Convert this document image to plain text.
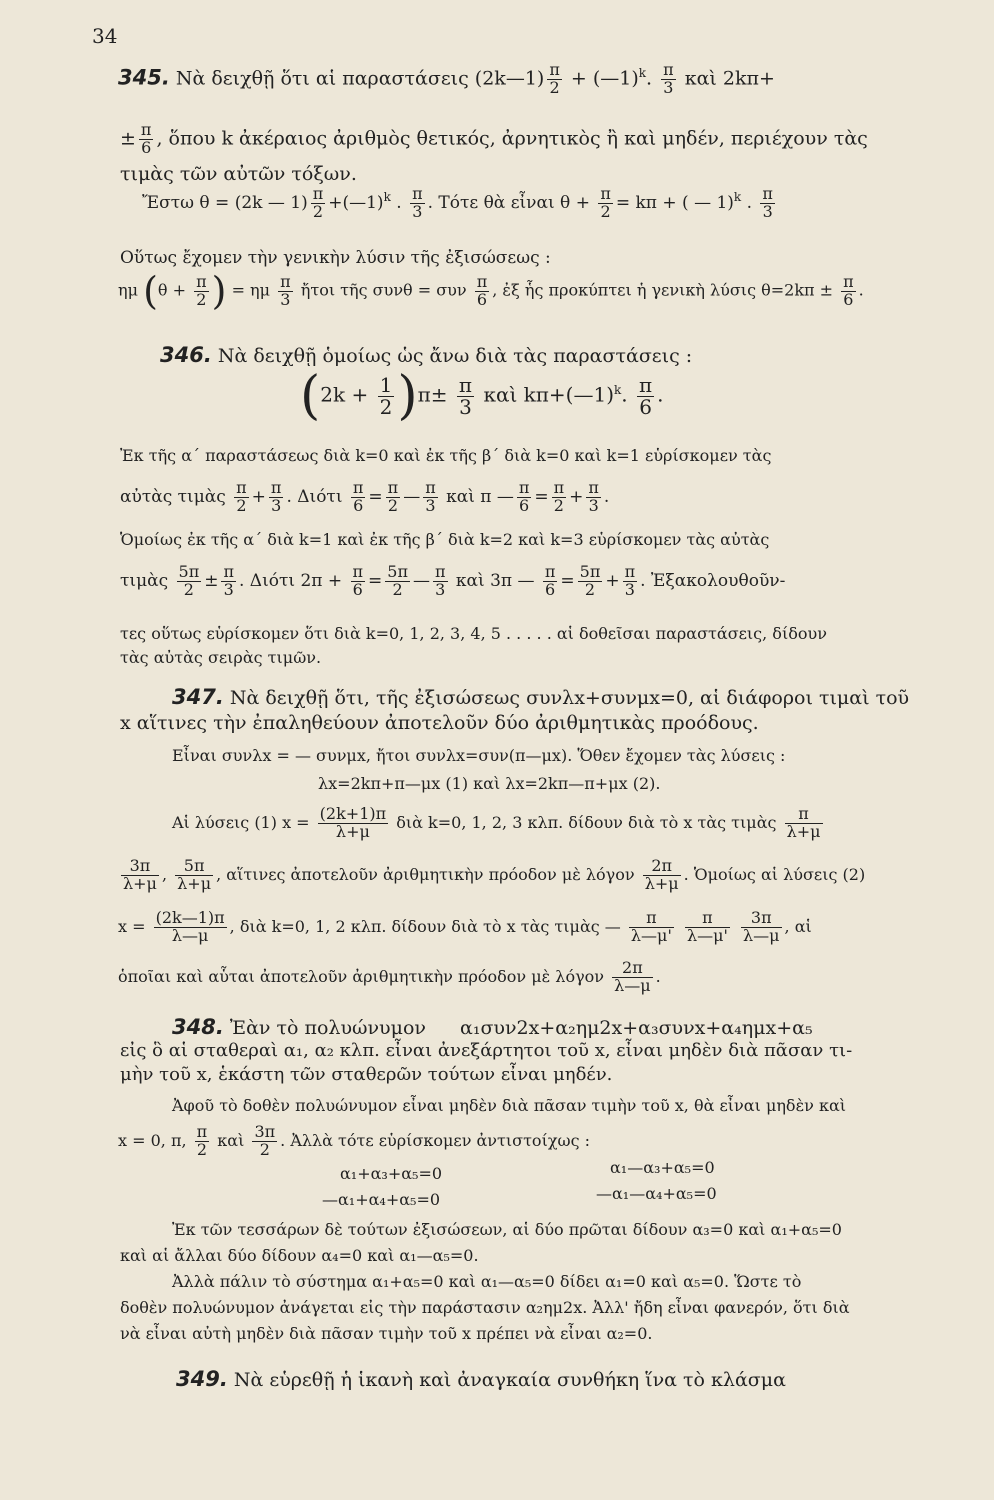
34
345. Νὰ δειχθῇ ὅτι αἱ παραστάσεις (2k—1) $\frac{\pi}{2}$ + (—1)$^k$. $\frac{\pi}{3}$ καὶ 2kπ+
± $\frac{\pi}{6}$ , ὅπου k ἀκέραιος ἀριθμὸς θετικός, ἀρνητικὸς ἢ καὶ μηδέν, περιέχουν τὰς
τιμὰς τῶν αὐτῶν τόξων.
Ἔστω θ = (2k — $1) \frac{\pi}{2}$ +(—1)$^k$ . $\frac{\pi}{3}$ . Τότε θὰ εἶναι $\theta + \frac{\pi}{2} = k\pi$ + ( — 1)$^k$ . $\frac{\pi}{3}$
Οὕτως ἔχομεν τὴν γενικὴν λύσιν τῆς ἐξισώσεως :
ημ ($\theta + \frac{\pi}{2}$ ) = ημ $\frac{\pi}{3}$ ἤτοι τῆς συνθ = συν $\frac{\pi}{6}$ , ἐξ ἧς προκύπτει ἡ γενικὴ λύσις $\theta=2k\pi \pm \frac{\pi}{6}$ .
346. Νὰ δειχθῇ ὁμοίως ὡς ἄνω διὰ τὰς παραστάσεις :
$(2k + \frac{1}{2} )\pi\pm \frac{\pi}{3}$ καὶ kπ+(—1)$^k$. $\frac{\pi}{6}$ .
Ἐκ τῆς α΄ παραστάσεως διὰ k=0 καὶ ἐκ τῆς β΄ διὰ k=0 καὶ k=1 εὑρίσκομεν τὰς
αὐτὰς τιμὰς $\frac{\pi}{2} + \frac{\pi}{3}$ . Διότι $\frac{\pi}{6} = \frac{\pi}{2}$ — $\frac{\pi}{3}$ καὶ π — $\frac{\pi}{6} = \frac{\pi}{2} + \frac{\pi}{3}$ .
Ὁμοίως ἐκ τῆς α΄ διὰ k=1 καὶ ἐκ τῆς β΄ διὰ k=2 καὶ k=3 εὑρίσκομεν τὰς αὐτὰς
τιμὰς $\frac{5\pi}{2} \pm \frac{\pi}{3}$ . Διότι $2\pi + \frac{\pi}{6} = \frac{5\pi}{2}$ — $\frac{\pi}{3}$ καὶ 3π — $\frac{\pi}{6} = \frac{5\pi}{2} + \frac{\pi}{3}$ . Ἐξακολουθοῦν-
τες οὕτως εὑρίσκομεν ὅτι διὰ k=0, 1, 2, 3, 4, 5 . . . . . αἱ δοθεῖσαι παραστάσεις, δίδουν
τὰς αὐτὰς σειρὰς τιμῶν.
347. Νὰ δειχθῇ ὅτι, τῆς ἐξισώσεως συνλx+συνμx=0, αἱ διάφοροι τιμαὶ τοῦ
x αἵτινες τὴν ἐπαληθεύουν ἀποτελοῦν δύο ἀριθμητικὰς προόδους.
Εἶναι συνλx = — συνμx, ἤτοι συνλx=συν(π—μx). Ὅθεν ἔχομεν τὰς λύσεις :
λx=2kπ+π—μx (1) καὶ λx=2kπ—π+μx (2).
Αἱ λύσεις (1) $x = \frac{(2k+1)\pi}{\lambda+\mu}$ διὰ k=0, 1, 2, 3 κλπ. δίδουν διὰ τὸ x τὰς τιμὰς $\frac{\pi}{\lambda+\mu}$
$\frac{3\pi}{\lambda+\mu}$ , $\frac{5\pi}{\lambda+\mu}$ , αἵτινες ἀποτελοῦν ἀριθμητικὴν πρόοδον μὲ λόγον $\frac{2\pi}{\lambda+\mu}$ . Ὁμοίως αἱ λύσεις (2)
$x = \frac{(2k—1)\pi}{\lambda—\mu}$ , διὰ k=0, 1, 2 κλπ. δίδουν διὰ τὸ x τὰς τιμὰς — $\frac{\pi}{\lambda—\mu'}$
$\frac{\pi}{\lambda—\mu'}$
$\frac{3\pi}{\lambda—\mu}$ , αἱ
ὁποῖαι καὶ αὗται ἀποτελοῦν ἀριθμητικὴν πρόοδον μὲ λόγον $\frac{2\pi}{\lambda—\mu}$ .
348. Ἐὰν τὸ πολυώνυμον α₁συν2x+α₂ημ2x+α₃συνx+α₄ημx+α₅
εἰς ὃ αἱ σταθεραὶ α₁, α₂ κλπ. εἶναι ἀνεξάρτητοι τοῦ x, εἶναι μηδὲν διὰ πᾶσαν τι-
μὴν τοῦ x, ἑκάστη τῶν σταθερῶν τούτων εἶναι μηδέν.
Ἀφοῦ τὸ δοθὲν πολυώνυμον εἶναι μηδὲν διὰ πᾶσαν τιμὴν τοῦ x, θὰ εἶναι μηδὲν καὶ
x = 0, π, $\frac{\pi}{2}$ καὶ $\frac{3\pi}{2}$ . Ἀλλὰ τότε εὑρίσκομεν ἀντιστοίχως :
α₁+α₃+α₅=0	α₁—α₃+α₅=0
—α₁+α₄+α₅=0	—α₁—α₄+α₅=0
Ἐκ τῶν τεσσάρων δὲ τούτων ἐξισώσεων, αἱ δύο πρῶται δίδουν α₃=0 καὶ α₁+α₅=0
καὶ αἱ ἄλλαι δύο δίδουν α₄=0 καὶ α₁—α₅=0.
Ἀλλὰ πάλιν τὸ σύστημα α₁+α₅=0 καὶ α₁—α₅=0 δίδει α₁=0 καὶ α₅=0. Ὥστε τὸ
δοθὲν πολυώνυμον ἀνάγεται εἰς τὴν παράστασιν α₂ημ2x. Ἀλλ' ἤδη εἶναι φανερόν, ὅτι διὰ
νὰ εἶναι αὐτὴ μηδὲν διὰ πᾶσαν τιμὴν τοῦ x πρέπει νὰ εἶναι α₂=0.
349. Νὰ εὑρεθῇ ἡ ἱκανὴ καὶ ἀναγκαία συνθήκη ἵνα τὸ κλάσμα
